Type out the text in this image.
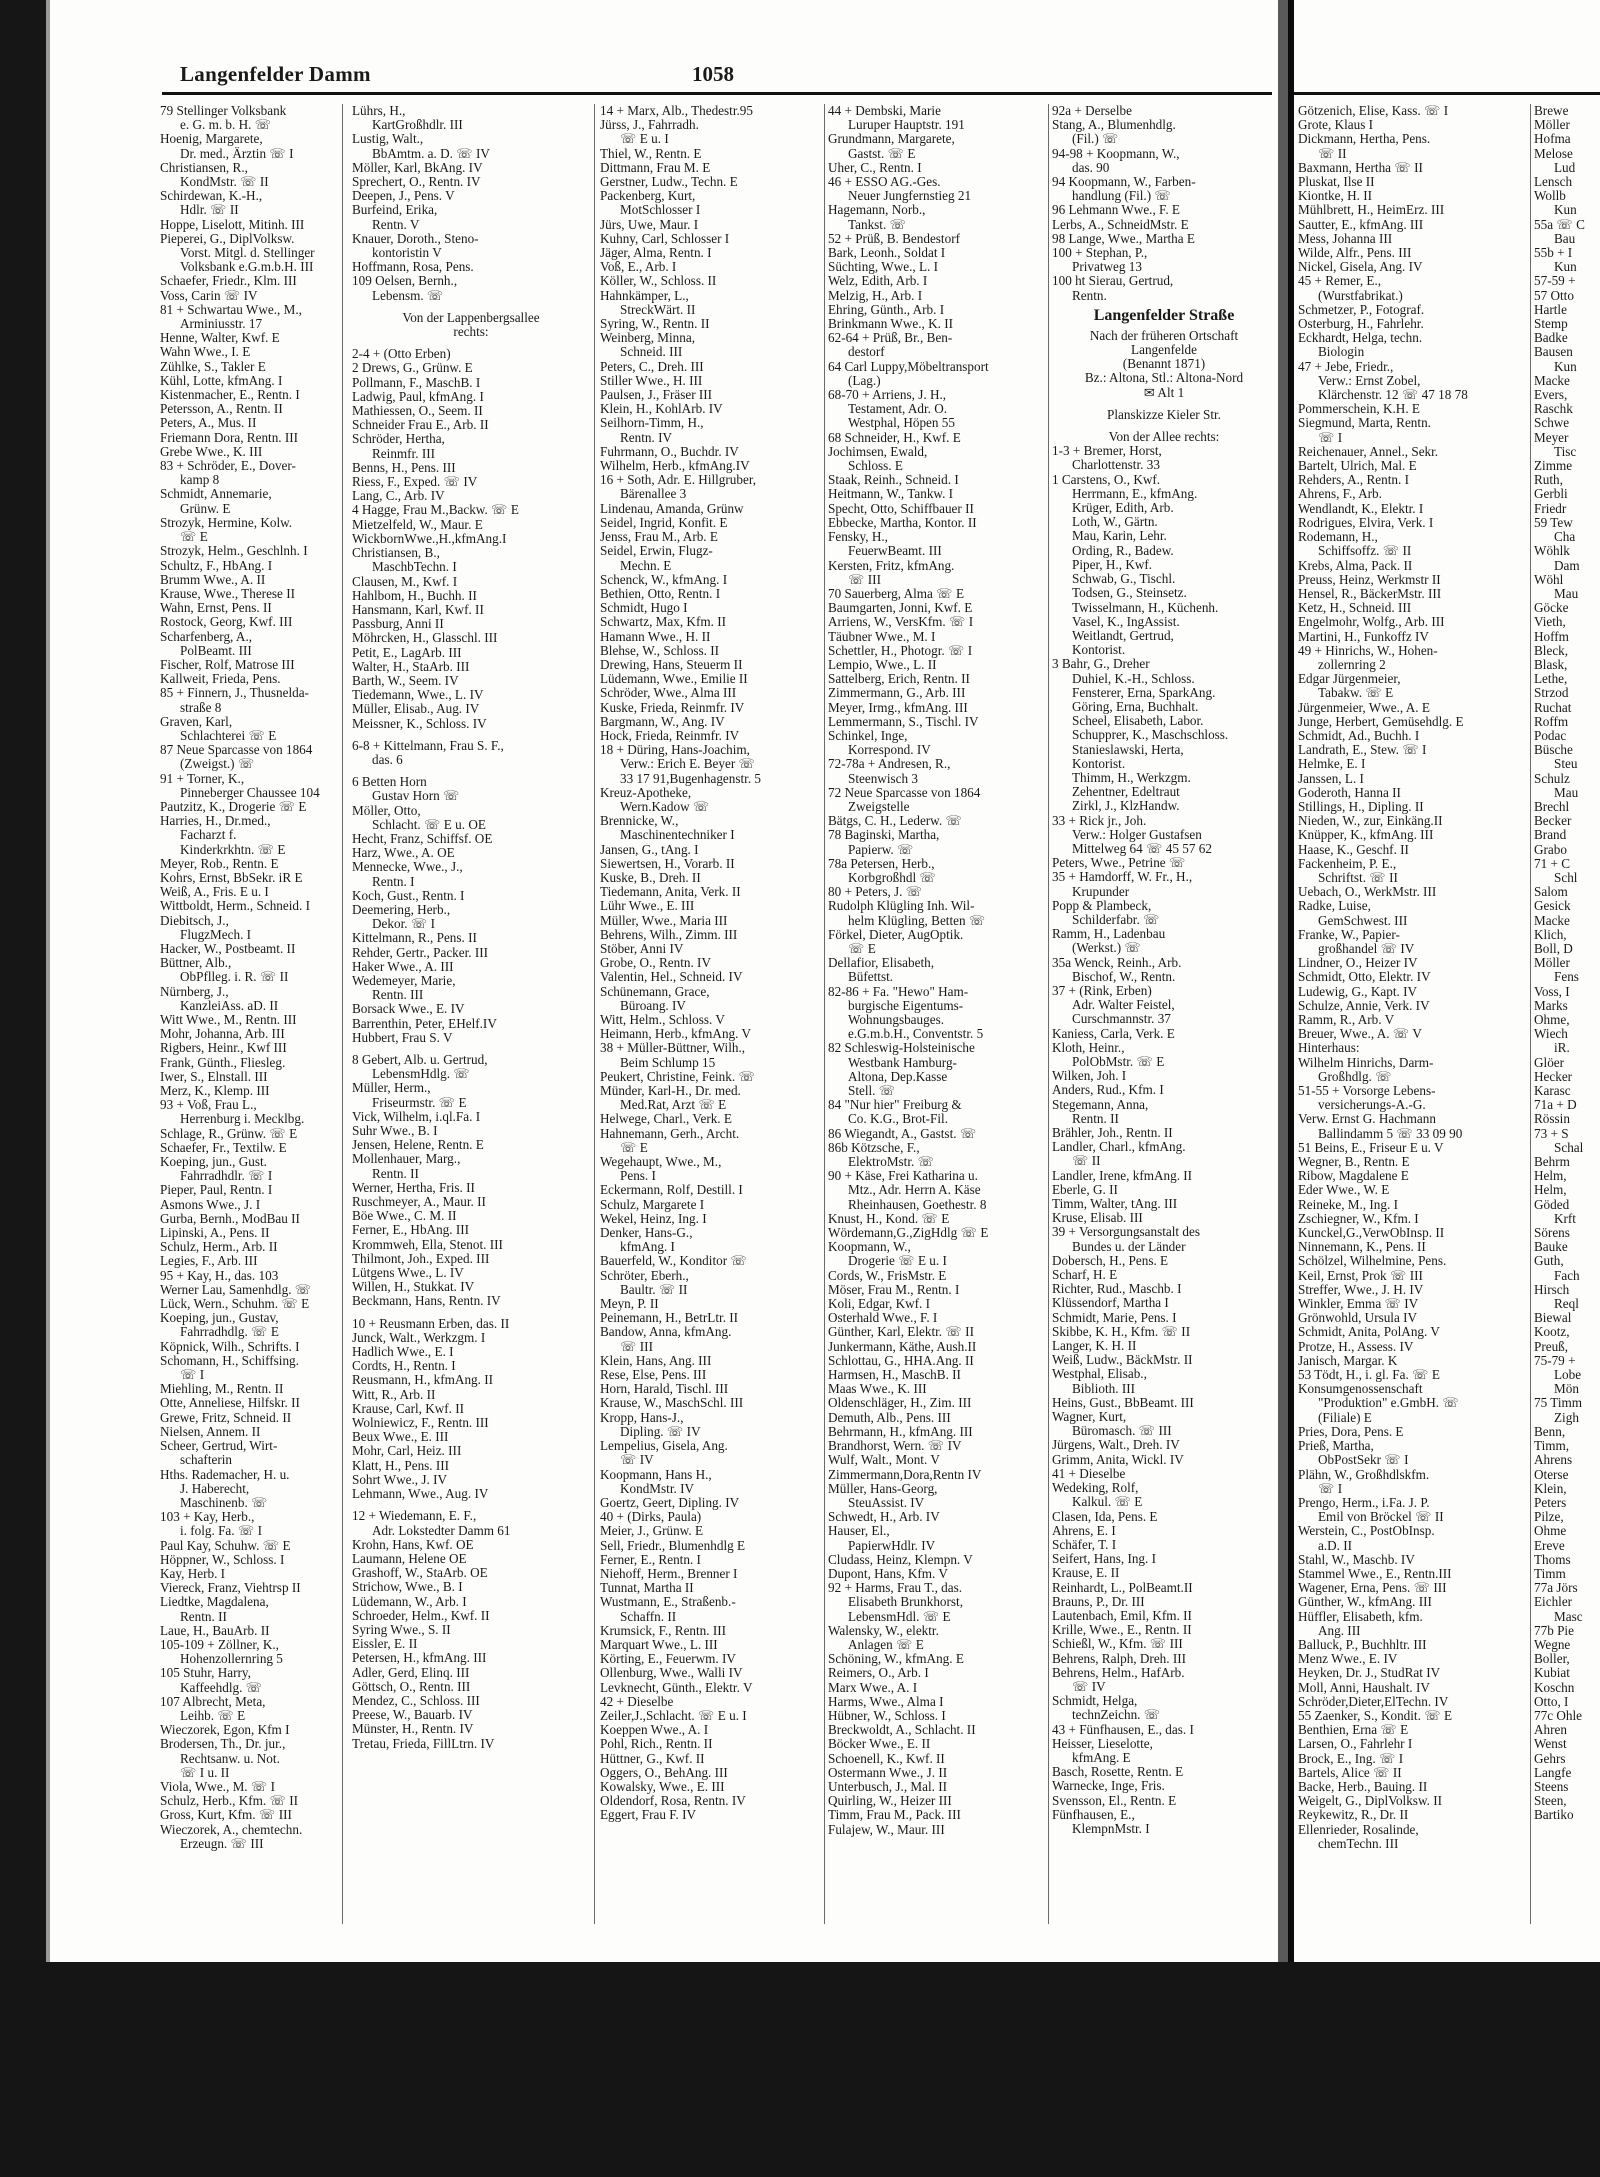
Langenfelder Damm	1058
79 Stellinger Volksbank
e. G. m. b. H. ☏
Hoenig, Margarete,
Dr. med., Ärztin ☏ I
Christiansen, R.,
KondMstr. ☏ II
Schirdewan, K.-H.,
Hdlr. ☏ II
Hoppe, Liselott, Mitinh. III
Pieperei, G., DiplVolksw.
Vorst. Mitgl. d. Stellinger
Volksbank e.G.m.b.H. III
Schaefer, Friedr., Klm. III
Voss, Carin ☏ IV
81 + Schwartau Wwe., M.,
Arminiusstr. 17
Henne, Walter, Kwf. E
Wahn Wwe., I. E
Zühlke, S., Takler E
Kühl, Lotte, kfmAng. I
Kistenmacher, E., Rentn. I
Petersson, A., Rentn. II
Peters, A., Mus. II
Friemann Dora, Rentn. III
Grebe Wwe., K. III
83 + Schröder, E., Dover-
kamp 8
Schmidt, Annemarie,
Grünw. E
Strozyk, Hermine, Kolw.
☏ E
Strozyk, Helm., Geschlnh. I
Schultz, F., HbAng. I
Brumm Wwe., A. II
Krause, Wwe., Therese II
Wahn, Ernst, Pens. II
Rostock, Georg, Kwf. III
Scharfenberg, A.,
PolBeamt. III
Fischer, Rolf, Matrose III
Kallweit, Frieda, Pens.
85 + Finnern, J., Thusnelda-
straße 8
Graven, Karl,
Schlachterei ☏ E
87 Neue Sparcasse von 1864
(Zweigst.) ☏
91 + Torner, K.,
Pinneberger Chaussee 104
Pautzitz, K., Drogerie ☏ E
Harries, H., Dr.med.,
Facharzt f.
Kinderkrkhtn. ☏ E
Meyer, Rob., Rentn. E
Kohrs, Ernst, BbSekr. iR E
Weiß, A., Fris. E u. I
Wittboldt, Herm., Schneid. I
Diebitsch, J.,
FlugzMech. I
Hacker, W., Postbeamt. II
Büttner, Alb.,
ObPflleg. i. R. ☏ II
Nürnberg, J.,
KanzleiAss. aD. II
Witt Wwe., M., Rentn. III
Mohr, Johanna, Arb. III
Rigbers, Heinr., Kwf III
Frank, Günth., Fliesleg.
Iwer, S., Elnstall. III
Merz, K., Klemp. III
93 + Voß, Frau L.,
Herrenburg i. Mecklbg.
Schlage, R., Grünw. ☏ E
Schaefer, Fr., Textilw. E
Koeping, jun., Gust.
Fahrradhdlr. ☏ I
Pieper, Paul, Rentn. I
Asmons Wwe., J. I
Gurba, Bernh., ModBau II
Lipinski, A., Pens. II
Schulz, Herm., Arb. II
Legies, F., Arb. III
95 + Kay, H., das. 103
Werner Lau, Samenhdlg. ☏
Lück, Wern., Schuhm. ☏ E
Koeping, jun., Gustav,
Fahrradhdlg. ☏ E
Köpnick, Wilh., Schrifts. I
Schomann, H., Schiffsing.
☏ I
Miehling, M., Rentn. II
Otte, Anneliese, Hilfskr. II
Grewe, Fritz, Schneid. II
Nielsen, Annem. II
Scheer, Gertrud, Wirt-
schafterin
Hths. Rademacher, H. u.
J. Haberecht,
Maschinenb. ☏
103 + Kay, Herb.,
i. folg. Fa. ☏ I
Paul Kay, Schuhw. ☏ E
Höppner, W., Schloss. I
Kay, Herb. I
Viereck, Franz, Viehtrsp II
Liedtke, Magdalena,
Rentn. II
Laue, H., BauArb. II
105-109 + Zöllner, K.,
Hohenzollernring 5
105 Stuhr, Harry,
Kaffeehdlg. ☏
107 Albrecht, Meta,
Leihb. ☏ E
Wieczorek, Egon, Kfm I
Brodersen, Th., Dr. jur.,
Rechtsanw. u. Not.
☏ I u. II
Viola, Wwe., M. ☏ I
Schulz, Herb., Kfm. ☏ II
Gross, Kurt, Kfm. ☏ III
Wieczorek, A., chemtechn.
Erzeugn. ☏ III
Lührs, H.,
KartGroßhdlr. III
Lustig, Walt.,
BbAmtm. a. D. ☏ IV
Möller, Karl, BkAng. IV
Sprechert, O., Rentn. IV
Deepen, J., Pens. V
Burfeind, Erika,
Rentn. V
Knauer, Doroth., Steno-
kontoristin V
Hoffmann, Rosa, Pens.
109 Oelsen, Bernh.,
Lebensm. ☏
Von der Lappenbergsallee
rechts:
2-4 + (Otto Erben)
2 Drews, G., Grünw. E
Pollmann, F., MaschB. I
Ladwig, Paul, kfmAng. I
Mathiessen, O., Seem. II
Schneider Frau E., Arb. II
Schröder, Hertha,
Reinmfr. III
Benns, H., Pens. III
Riess, F., Exped. ☏ IV
Lang, C., Arb. IV
4 Hagge, Frau M.,Backw. ☏ E
Mietzelfeld, W., Maur. E
WickbornWwe.,H.,kfmAng.I
Christiansen, B.,
MaschbTechn. I
Clausen, M., Kwf. I
Hahlbom, H., Buchh. II
Hansmann, Karl, Kwf. II
Passburg, Anni II
Möhrcken, H., Glasschl. III
Petit, E., LagArb. III
Walter, H., StaArb. III
Barth, W., Seem. IV
Tiedemann, Wwe., L. IV
Müller, Elisab., Aug. IV
Meissner, K., Schloss. IV
6-8 + Kittelmann, Frau S. F.,
das. 6
6 Betten Horn
Gustav Horn ☏
Möller, Otto,
Schlacht. ☏ E u. OE
Hecht, Franz, Schiffsf. OE
Harz, Wwe., A. OE
Mennecke, Wwe., J.,
Rentn. I
Koch, Gust., Rentn. I
Deemering, Herb.,
Dekor. ☏ I
Kittelmann, R., Pens. II
Rehder, Gertr., Packer. III
Haker Wwe., A. III
Wedemeyer, Marie,
Rentn. III
Borsack Wwe., E. IV
Barrenthin, Peter, EHelf.IV
Hubbert, Frau S. V
8 Gebert, Alb. u. Gertrud,
LebensmHdlg. ☏
Müller, Herm.,
Friseurmstr. ☏ E
Vick, Wilhelm, i.ql.Fa. I
Suhr Wwe., B. I
Jensen, Helene, Rentn. E
Mollenhauer, Marg.,
Rentn. II
Werner, Hertha, Fris. II
Ruschmeyer, A., Maur. II
Böe Wwe., C. M. II
Ferner, E., HbAng. III
Krommweh, Ella, Stenot. III
Thilmont, Joh., Exped. III
Lütgens Wwe., L. IV
Willen, H., Stukkat. IV
Beckmann, Hans, Rentn. IV
10 + Reusmann Erben, das. II
Junck, Walt., Werkzgm. I
Hadlich Wwe., E. I
Cordts, H., Rentn. I
Reusmann, H., kfmAng. II
Witt, R., Arb. II
Krause, Carl, Kwf. II
Wolniewicz, F., Rentn. III
Beux Wwe., E. III
Mohr, Carl, Heiz. III
Klatt, H., Pens. III
Sohrt Wwe., J. IV
Lehmann, Wwe., Aug. IV
12 + Wiedemann, E. F.,
Adr. Lokstedter Damm 61
Krohn, Hans, Kwf. OE
Laumann, Helene OE
Grashoff, W., StaArb. OE
Strichow, Wwe., B. I
Lüdemann, W., Arb. I
Schroeder, Helm., Kwf. II
Syring Wwe., S. II
Eissler, E. II
Petersen, H., kfmAng. III
Adler, Gerd, Elinq. III
Göttsch, O., Rentn. III
Mendez, C., Schloss. III
Preese, W., Bauarb. IV
Münster, H., Rentn. IV
Tretau, Frieda, FillLtrn. IV
14 + Marx, Alb., Thedestr.95
Jürss, J., Fahrradh.
☏ E u. I
Thiel, W., Rentn. E
Dittmann, Frau M. E
Gerstner, Ludw., Techn. E
Packenberg, Kurt,
MotSchlosser I
Jürs, Uwe, Maur. I
Kuhny, Carl, Schlosser I
Jäger, Alma, Rentn. I
Voß, E., Arb. I
Köller, W., Schloss. II
Hahnkämper, L.,
StreckWärt. II
Syring, W., Rentn. II
Weinberg, Minna,
Schneid. III
Peters, C., Dreh. III
Stiller Wwe., H. III
Paulsen, J., Fräser III
Klein, H., KohlArb. IV
Seilhorn-Timm, H.,
Rentn. IV
Fuhrmann, O., Buchdr. IV
Wilhelm, Herb., kfmAng.IV
16 + Soth, Adr. E. Hillgruber,
Bärenallee 3
Lindenau, Amanda, Grünw
Seidel, Ingrid, Konfit. E
Jenss, Frau M., Arb. E
Seidel, Erwin, Flugz-
Mechn. E
Schenck, W., kfmAng. I
Bethien, Otto, Rentn. I
Schmidt, Hugo I
Schwartz, Max, Kfm. II
Hamann Wwe., H. II
Blehse, W., Schloss. II
Drewing, Hans, Steuerm II
Lüdemann, Wwe., Emilie II
Schröder, Wwe., Alma III
Kuske, Frieda, Reinmfr. IV
Bargmann, W., Ang. IV
Hock, Frieda, Reinmfr. IV
18 + Düring, Hans-Joachim,
Verw.: Erich E. Beyer ☏
33 17 91,Bugenhagenstr. 5
Kreuz-Apotheke,
Wern.Kadow ☏
Brennicke, W.,
Maschinentechniker I
Jansen, G., tAng. I
Siewertsen, H., Vorarb. II
Kuske, B., Dreh. II
Tiedemann, Anita, Verk. II
Lühr Wwe., E. III
Müller, Wwe., Maria III
Behrens, Wilh., Zimm. III
Stöber, Anni IV
Grobe, O., Rentn. IV
Valentin, Hel., Schneid. IV
Schünemann, Grace,
Büroang. IV
Witt, Helm., Schloss. V
Heimann, Herb., kfmAng. V
38 + Müller-Büttner, Wilh.,
Beim Schlump 15
Peukert, Christine, Feink. ☏
Münder, Karl-H., Dr. med.
Med.Rat, Arzt ☏ E
Helwege, Charl., Verk. E
Hahnemann, Gerh., Archt.
☏ E
Wegehaupt, Wwe., M.,
Pens. I
Eckermann, Rolf, Destill. I
Schulz, Margarete I
Wekel, Heinz, Ing. I
Denker, Hans-G.,
kfmAng. I
Bauerfeld, W., Konditor ☏
Schröter, Eberh.,
Baultr. ☏ II
Meyn, P. II
Peinemann, H., BetrLtr. II
Bandow, Anna, kfmAng.
☏ III
Klein, Hans, Ang. III
Rese, Else, Pens. III
Horn, Harald, Tischl. III
Krause, W., MaschSchl. III
Kropp, Hans-J.,
Dipling. ☏ IV
Lempelius, Gisela, Ang.
☏ IV
Koopmann, Hans H.,
KondMstr. IV
Goertz, Geert, Dipling. IV
40 + (Dirks, Paula)
Meier, J., Grünw. E
Sell, Friedr., Blumenhdlg E
Ferner, E., Rentn. I
Niehoff, Herm., Brenner I
Tunnat, Martha II
Wustmann, E., Straßenb.-
Schaffn. II
Krumsick, F., Rentn. III
Marquart Wwe., L. III
Körting, E., Feuerwm. IV
Ollenburg, Wwe., Walli IV
Levknecht, Günth., Elektr. V
42 + Dieselbe
Zeiler,J.,Schlacht. ☏ E u. I
Koeppen Wwe., A. I
Pohl, Rich., Rentn. II
Hüttner, G., Kwf. II
Oggers, O., BehAng. III
Kowalsky, Wwe., E. III
Oldendorf, Rosa, Rentn. IV
Eggert, Frau F. IV
44 + Dembski, Marie
Luruper Hauptstr. 191
Grundmann, Margarete,
Gastst. ☏ E
Uher, C., Rentn. I
46 + ESSO AG.-Ges.
Neuer Jungfernstieg 21
Hagemann, Norb.,
Tankst. ☏
52 + Prüß, B. Bendestorf
Bark, Leonh., Soldat I
Süchting, Wwe., L. I
Welz, Edith, Arb. I
Melzig, H., Arb. I
Ehring, Günth., Arb. I
Brinkmann Wwe., K. II
62-64 + Prüß, Br., Ben-
destorf
64 Carl Luppy,Möbeltransport
(Lag.)
68-70 + Arriens, J. H.,
Testament, Adr. O.
Westphal, Höpen 55
68 Schneider, H., Kwf. E
Jochimsen, Ewald,
Schloss. E
Staak, Reinh., Schneid. I
Heitmann, W., Tankw. I
Specht, Otto, Schiffbauer II
Ebbecke, Martha, Kontor. II
Fensky, H.,
FeuerwBeamt. III
Kersten, Fritz, kfmAng.
☏ III
70 Sauerberg, Alma ☏ E
Baumgarten, Jonni, Kwf. E
Arriens, W., VersKfm. ☏ I
Täubner Wwe., M. I
Schettler, H., Photogr. ☏ I
Lempio, Wwe., L. II
Sattelberg, Erich, Rentn. II
Zimmermann, G., Arb. III
Meyer, Irmg., kfmAng. III
Lemmermann, S., Tischl. IV
Schinkel, Inge,
Korrespond. IV
72-78a + Andresen, R.,
Steenwisch 3
72 Neue Sparcasse von 1864
Zweigstelle
Bätgs, C. H., Lederw. ☏
78 Baginski, Martha,
Papierw. ☏
78a Petersen, Herb.,
Korbgroßhdl ☏
80 + Peters, J. ☏
Rudolph Klügling Inh. Wil-
helm Klügling, Betten ☏
Förkel, Dieter, AugOptik.
☏ E
Dellafior, Elisabeth,
Büfettst.
82-86 + Fa. "Hewo" Ham-
burgische Eigentums-
Wohnungsbauges.
e.G.m.b.H., Conventstr. 5
82 Schleswig-Holsteinische
Westbank Hamburg-
Altona, Dep.Kasse
Stell. ☏
84 "Nur hier" Freiburg &
Co. K.G., Brot-Fil.
86 Wiegandt, A., Gastst. ☏
86b Kötzsche, F.,
ElektroMstr. ☏
90 + Käse, Frei Katharina u.
Mtz., Adr. Herrn A. Käse
Rheinhausen, Goethestr. 8
Knust, H., Kond. ☏ E
Wördemann,G.,ZigHdlg ☏ E
Koopmann, W.,
Drogerie ☏ E u. I
Cords, W., FrisMstr. E
Möser, Frau M., Rentn. I
Koli, Edgar, Kwf. I
Osterhald Wwe., F. I
Günther, Karl, Elektr. ☏ II
Junkermann, Käthe, Aush.II
Schlottau, G., HHA.Ang. II
Harmsen, H., MaschB. II
Maas Wwe., K. III
Oldenschläger, H., Zim. III
Demuth, Alb., Pens. III
Behrmann, H., kfmAng. III
Brandhorst, Wern. ☏ IV
Wulf, Walt., Mont. V
Zimmermann,Dora,Rentn IV
Müller, Hans-Georg,
SteuAssist. IV
Schwedt, H., Arb. IV
Hauser, El.,
PapierwHdlr. IV
Cludass, Heinz, Klempn. V
Dupont, Hans, Kfm. V
92 + Harms, Frau T., das.
Elisabeth Brunkhorst,
LebensmHdl. ☏ E
Walensky, W., elektr.
Anlagen ☏ E
Schöning, W., kfmAng. E
Reimers, O., Arb. I
Marx Wwe., A. I
Harms, Wwe., Alma I
Hübner, W., Schloss. I
Breckwoldt, A., Schlacht. II
Böcker Wwe., E. II
Schoenell, K., Kwf. II
Ostermann Wwe., J. II
Unterbusch, J., Mal. II
Quirling, W., Heizer III
Timm, Frau M., Pack. III
Fulajew, W., Maur. III
92a + Derselbe
Stang, A., Blumenhdlg.
(Fil.) ☏
94-98 + Koopmann, W.,
das. 90
94 Koopmann, W., Farben-
handlung (Fil.) ☏
96 Lehmann Wwe., F. E
Lerbs, A., SchneidMstr. E
98 Lange, Wwe., Martha E
100 + Stephan, P.,
Privatweg 13
100 ht Sierau, Gertrud,
Rentn.
Langenfelder Straße
Nach der früheren Ortschaft
Langenfelde
(Benannt 1871)
Bz.: Altona, Stl.: Altona-Nord
✉ Alt 1
Planskizze Kieler Str.
Von der Allee rechts:
1-3 + Bremer, Horst,
Charlottenstr. 33
1 Carstens, O., Kwf.
Herrmann, E., kfmAng.
Krüger, Edith, Arb.
Loth, W., Gärtn.
Mau, Karin, Lehr.
Ording, R., Badew.
Piper, H., Kwf.
Schwab, G., Tischl.
Todsen, G., Steinsetz.
Twisselmann, H., Küchenh.
Vasel, K., IngAssist.
Weitlandt, Gertrud,
Kontorist.
3 Bahr, G., Dreher
Duhiel, K.-H., Schloss.
Fensterer, Erna, SparkAng.
Göring, Erna, Buchhalt.
Scheel, Elisabeth, Labor.
Schupprer, K., Maschschloss.
Stanieslawski, Herta,
Kontorist.
Thimm, H., Werkzgm.
Zehentner, Edeltraut
Zirkl, J., KlzHandw.
33 + Rick jr., Joh.
Verw.: Holger Gustafsen
Mittelweg 64 ☏ 45 57 62
Peters, Wwe., Petrine ☏
35 + Hamdorff, W. Fr., H.,
Krupunder
Popp & Plambeck,
Schilderfabr. ☏
Ramm, H., Ladenbau
(Werkst.) ☏
35a Wenck, Reinh., Arb.
Bischof, W., Rentn.
37 + (Rink, Erben)
Adr. Walter Feistel,
Curschmannstr. 37
Kaniess, Carla, Verk. E
Kloth, Heinr.,
PolObMstr. ☏ E
Wilken, Joh. I
Anders, Rud., Kfm. I
Stegemann, Anna,
Rentn. II
Brähler, Joh., Rentn. II
Landler, Charl., kfmAng.
☏ II
Landler, Irene, kfmAng. II
Eberle, G. II
Timm, Walter, tAng. III
Kruse, Elisab. III
39 + Versorgungsanstalt des
Bundes u. der Länder
Dobersch, H., Pens. E
Scharf, H. E
Richter, Rud., Maschb. I
Klüssendorf, Martha I
Schmidt, Marie, Pens. I
Skibbe, K. H., Kfm. ☏ II
Langer, K. H. II
Weiß, Ludw., BäckMstr. II
Westphal, Elisab.,
Biblioth. III
Heins, Gust., BbBeamt. III
Wagner, Kurt,
Büromasch. ☏ III
Jürgens, Walt., Dreh. IV
Grimm, Anita, Wickl. IV
41 + Dieselbe
Wedeking, Rolf,
Kalkul. ☏ E
Clasen, Ida, Pens. E
Ahrens, E. I
Schäfer, T. I
Seifert, Hans, Ing. I
Krause, E. II
Reinhardt, L., PolBeamt.II
Brauns, P., Dr. III
Lautenbach, Emil, Kfm. II
Krille, Wwe., E., Rentn. II
Schießl, W., Kfm. ☏ III
Behrens, Ralph, Dreh. III
Behrens, Helm., HafArb.
☏ IV
Schmidt, Helga,
technZeichn. ☏
43 + Fünfhausen, E., das. I
Heisser, Lieselotte,
kfmAng. E
Basch, Rosette, Rentn. E
Warnecke, Inge, Fris.
Svensson, El., Rentn. E
Fünfhausen, E.,
KlempnMstr. I
Götzenich, Elise, Kass. ☏ I
Grote, Klaus I
Dickmann, Hertha, Pens.
☏ II
Baxmann, Hertha ☏ II
Pluskat, Ilse II
Kiontke, H. II
Mühlbrett, H., HeimErz. III
Sautter, E., kfmAng. III
Mess, Johanna III
Wilde, Alfr., Pens. III
Nickel, Gisela, Ang. IV
45 + Remer, E.,
(Wurstfabrikat.)
Schmetzer, P., Fotograf.
Osterburg, H., Fahrlehr.
Eckhardt, Helga, techn.
Biologin
47 + Jebe, Friedr.,
Verw.: Ernst Zobel,
Klärchenstr. 12 ☏ 47 18 78
Pommerschein, K.H. E
Siegmund, Marta, Rentn.
☏ I
Reichenauer, Annel., Sekr.
Bartelt, Ulrich, Mal. E
Rehders, A., Rentn. I
Ahrens, F., Arb.
Wendlandt, K., Elektr. I
Rodrigues, Elvira, Verk. I
Rodemann, H.,
Schiffsoffz. ☏ II
Krebs, Alma, Pack. II
Preuss, Heinz, Werkmstr II
Hensel, R., BäckerMstr. III
Ketz, H., Schneid. III
Engelmohr, Wolfg., Arb. III
Martini, H., Funkoffz IV
49 + Hinrichs, W., Hohen-
zollernring 2
Edgar Jürgenmeier,
Tabakw. ☏ E
Jürgenmeier, Wwe., A. E
Junge, Herbert, Gemüsehdlg. E
Schmidt, Ad., Buchh. I
Landrath, E., Stew. ☏ I
Helmke, E. I
Janssen, L. I
Goderoth, Hanna II
Stillings, H., Dipling. II
Nieden, W., zur, Einkäng.II
Knüpper, K., kfmAng. III
Haase, K., Geschf. II
Fackenheim, P. E.,
Schriftst. ☏ II
Uebach, O., WerkMstr. III
Radke, Luise,
GemSchwest. III
Franke, W., Papier-
großhandel ☏ IV
Lindner, O., Heizer IV
Schmidt, Otto, Elektr. IV
Ludewig, G., Kapt. IV
Schulze, Annie, Verk. IV
Ramm, R., Arb. V
Breuer, Wwe., A. ☏ V
Hinterhaus:
Wilhelm Hinrichs, Darm-
Großhdlg. ☏
51-55 + Vorsorge Lebens-
versicherungs-A.-G.
Verw. Ernst G. Hachmann
Ballindamm 5 ☏ 33 09 90
51 Beins, E., Friseur E u. V
Wegner, B., Rentn. E
Ribow, Magdalene E
Eder Wwe., W. E
Reineke, M., Ing. I
Zschiegner, W., Kfm. I
Kunckel,G.,VerwObInsp. II
Ninnemann, K., Pens. II
Schölzel, Wilhelmine, Pens.
Keil, Ernst, Prok ☏ III
Streffer, Wwe., J. H. IV
Winkler, Emma ☏ IV
Grönwohld, Ursula IV
Schmidt, Anita, PolAng. V
Protze, H., Assess. IV
Janisch, Margar. K
53 Tödt, H., i. gl. Fa. ☏ E
Konsumgenossenschaft
"Produktion" e.GmbH. ☏
(Filiale) E
Pries, Dora, Pens. E
Prieß, Martha,
ObPostSekr ☏ I
Plähn, W., Großhdlskfm.
☏ I
Prengo, Herm., i.Fa. J. P.
Emil von Bröckel ☏ II
Werstein, C., PostObInsp.
a.D. II
Stahl, W., Maschb. IV
Stammel Wwe., E., Rentn.III
Wagener, Erna, Pens. ☏ III
Günther, W., kfmAng. III
Hüffler, Elisabeth, kfm.
Ang. III
Balluck, P., Buchhltr. III
Menz Wwe., E. IV
Heyken, Dr. J., StudRat IV
Moll, Anni, Haushalt. IV
Schröder,Dieter,ElTechn. IV
55 Zaenker, S., Kondit. ☏ E
Benthien, Erna ☏ E
Larsen, O., Fahrlehr I
Brock, E., Ing. ☏ I
Bartels, Alice ☏ II
Backe, Herb., Bauing. II
Weigelt, G., DiplVolksw. II
Reykewitz, R., Dr. II
Ellenrieder, Rosalinde,
chemTechn. III
Brewe
Möller
Hofma
Melose
Lud
Lensch
Wollb
Kun
55a ☏ C
Bau
55b + I
Kun
57-59 +
57 Otto
Hartle
Stemp
Badke
Bausen
Kun
Macke
Evers,
Raschk
Schwe
Meyer
Tisc
Zimme
Ruth,
Gerbli
Friedr
59 Tew
Cha
Wöhlk
Dam
Wöhl
Mau
Göcke
Vieth,
Hoffm
Bleck,
Blask,
Lethe,
Strzod
Ruchat
Roffm
Podac
Büsche
Steu
Schulz
Mau
Brechl
Becker
Brand
Grabo
71 + C
Schl
Salom
Gesick
Macke
Klich,
Boll, D
Möller
Fens
Voss, I
Marks
Ohme,
Wiech
iR.
Glöer
Hecker
Karasc
71a + D
Rössin
73 + S
Schal
Behrm
Helm,
Helm,
Göded
Krft
Sörens
Bauke
Guth,
Fach
Hirsch
Reql
Biewal
Kootz,
Preuß,
75-79 +
Lobe
Mön
75 Timm
Zigh
Benn,
Timm,
Ahrens
Oterse
Klein,
Peters
Pilze,
Ohme
Ereve
Thoms
Timm
77a Jörs
Eichler
Masc
77b Pie
Wegne
Boller,
Kubiat
Koschn
Otto, I
77c Ohle
Ahren
Wenst
Gehrs
Langfe
Steens
Steen,
Bartiko
